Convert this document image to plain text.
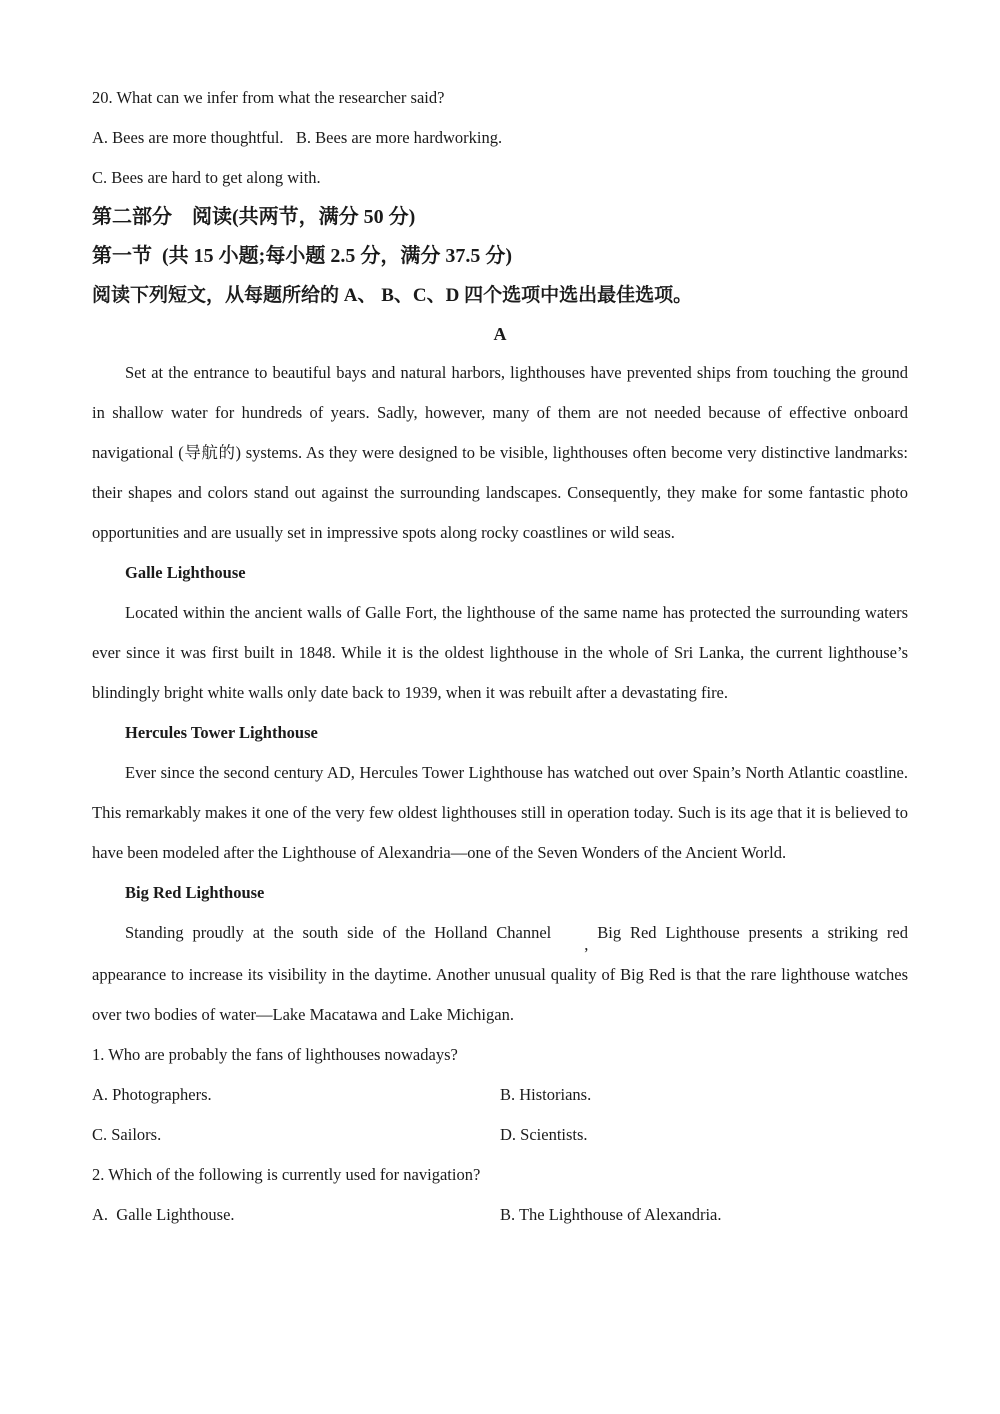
20. What can we infer from what the researcher said?
A. Bees are more thoughtful.   B. Bees are more hardworking.
C. Bees are hard to get along with.
第二部分　阅读(共两节，满分 50 分)
第一节  (共 15 小题;每小题 2.5 分，满分 37.5 分)
阅读下列短文，从每题所给的 A、 B、C、D 四个选项中选出最佳选项。
A

Set at the entrance to beautiful bays and natural harbors, lighthouses have prevented ships from touching the ground in shallow water for hundreds of years. Sadly, however, many of them are not needed because of effective onboard navigational (导航的) systems. As they were designed to be visible, lighthouses often become very distinctive landmarks: their shapes and colors stand out against the surrounding landscapes. Consequently, they make for some fantastic photo opportunities and are usually set in impressive spots along rocky coastlines or wild seas.

Galle Lighthouse

Located within the ancient walls of Galle Fort, the lighthouse of the same name has protected the surrounding waters ever since it was first built in 1848. While it is the oldest lighthouse in the whole of Sri Lanka, the current lighthouse’s blindingly bright white walls only date back to 1939, when it was rebuilt after a devastating fire.

Hercules Tower Lighthouse

Ever since the second century AD, Hercules Tower Lighthouse has watched out over Spain’s North Atlantic coastline. This remarkably makes it one of the very few oldest lighthouses still in operation today. Such is its age that it is believed to have been modeled after the Lighthouse of Alexandria—one of the Seven Wonders of the Ancient World.

Big Red Lighthouse

Standing proudly at the south side of the Holland Channel, Big Red Lighthouse presents a striking red appearance to increase its visibility in the daytime. Another unusual quality of Big Red is that the rare lighthouse watches over two bodies of water—Lake Macatawa and Lake Michigan.

1. Who are probably the fans of lighthouses nowadays?
A. Photographers.	B. Historians.
C. Sailors.	D. Scientists.
2. Which of the following is currently used for navigation?
A.  Galle Lighthouse.	B. The Lighthouse of Alexandria.
